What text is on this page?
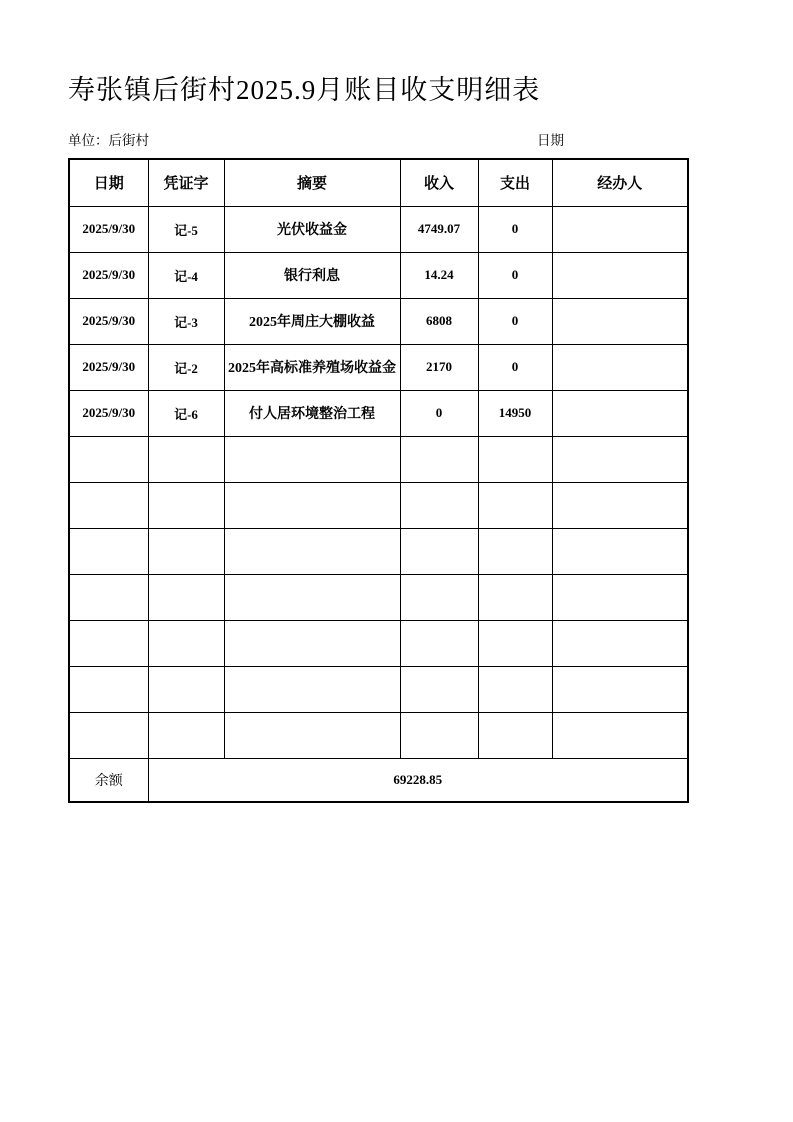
寿张镇后街村2025.9月账目收支明细表
单位：后街村	日期
日期	凭证字	摘要	收入	支出	经办人
2025/9/30	记-5	光伏收益金	4749.07	0	
2025/9/30	记-4	银行利息	14.24	0	
2025/9/30	记-3	2025年周庄大棚收益	6808	0	
2025/9/30	记-2	2025年高标准养殖场收益金	2170	0	
2025/9/30	记-6	付人居环境整治工程	0	14950	

余额	69228.85				
